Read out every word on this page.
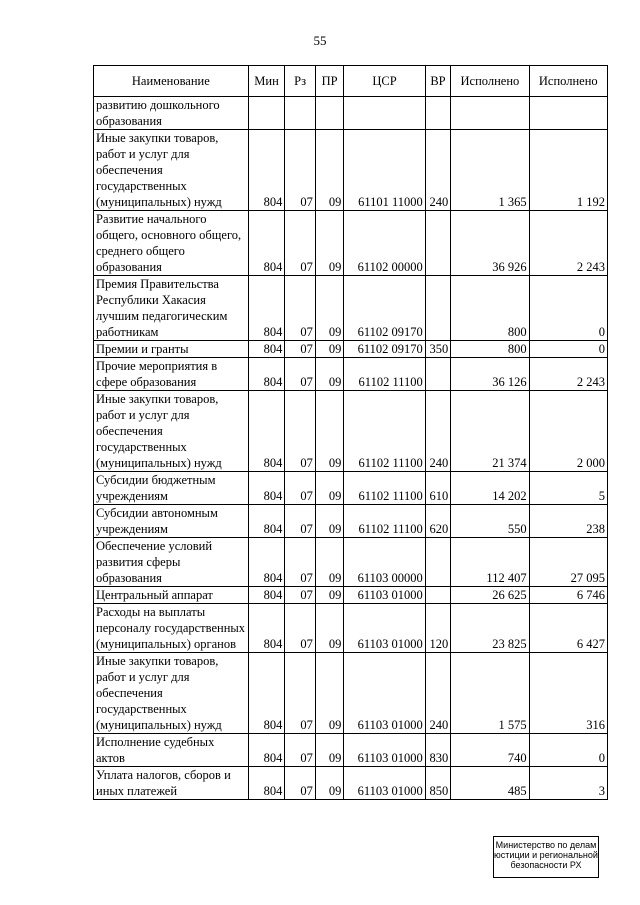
55
Наименование	Мин	Рз	ПР	ЦСР	ВР	Исполнено	Исполнено
развитию дошкольного образования							
Иные закупки товаров, работ и услуг для обеспечения государственных (муниципальных) нужд	804	07	09	61101 11000	240	1 365	1 192
Развитие начального общего, основного общего, среднего общего образования	804	07	09	61102 00000		36 926	2 243
Премия Правительства Республики Хакасия лучшим педагогическим работникам	804	07	09	61102 09170		800	0
Премии и гранты	804	07	09	61102 09170	350	800	0
Прочие мероприятия в сфере образования	804	07	09	61102 11100		36 126	2 243
Иные закупки товаров, работ и услуг для обеспечения государственных (муниципальных) нужд	804	07	09	61102 11100	240	21 374	2 000
Субсидии бюджетным учреждениям	804	07	09	61102 11100	610	14 202	5
Субсидии автономным учреждениям	804	07	09	61102 11100	620	550	238
Обеспечение условий развития сферы образования	804	07	09	61103 00000		112 407	27 095
Центральный аппарат	804	07	09	61103 01000		26 625	6 746
Расходы на выплаты персоналу государственных (муниципальных) органов	804	07	09	61103 01000	120	23 825	6 427
Иные закупки товаров, работ и услуг для обеспечения государственных (муниципальных) нужд	804	07	09	61103 01000	240	1 575	316
Исполнение судебных актов	804	07	09	61103 01000	830	740	0
Уплата налогов, сборов и иных платежей	804	07	09	61103 01000	850	485	3
Министерство по делам
юстиции и региональной
безопасности РХ
